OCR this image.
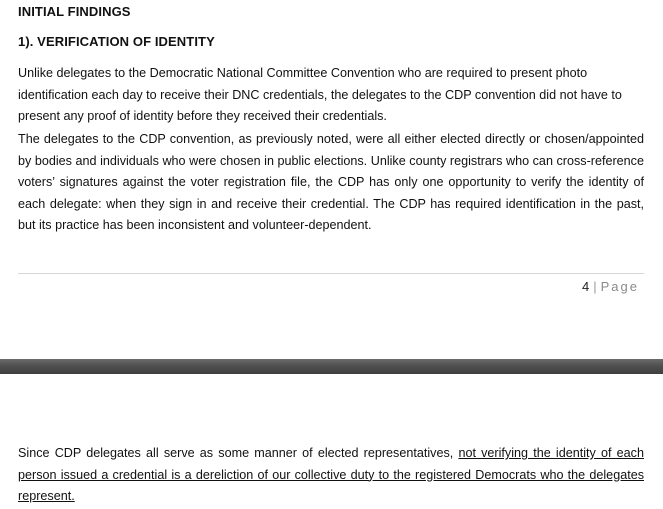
INITIAL FINDINGS
1). VERIFICATION OF IDENTITY

Unlike delegates to the Democratic National Committee Convention who are required to present photo identification each day to receive their DNC credentials, the delegates to the CDP convention did not have to present any proof of identity before they received their credentials.

The delegates to the CDP convention, as previously noted, were all either elected directly or chosen/appointed by bodies and individuals who were chosen in public elections. Unlike county registrars who can cross-reference voters’ signatures against the voter registration file, the CDP has only one opportunity to verify the identity of each delegate: when they sign in and receive their credential. The CDP has required identification in the past, but its practice has been inconsistent and volunteer-dependent.

4 | Page

Since CDP delegates all serve as some manner of elected representatives, not verifying the identity of each person issued a credential is a dereliction of our collective duty to the registered Democrats who the delegates represent.
